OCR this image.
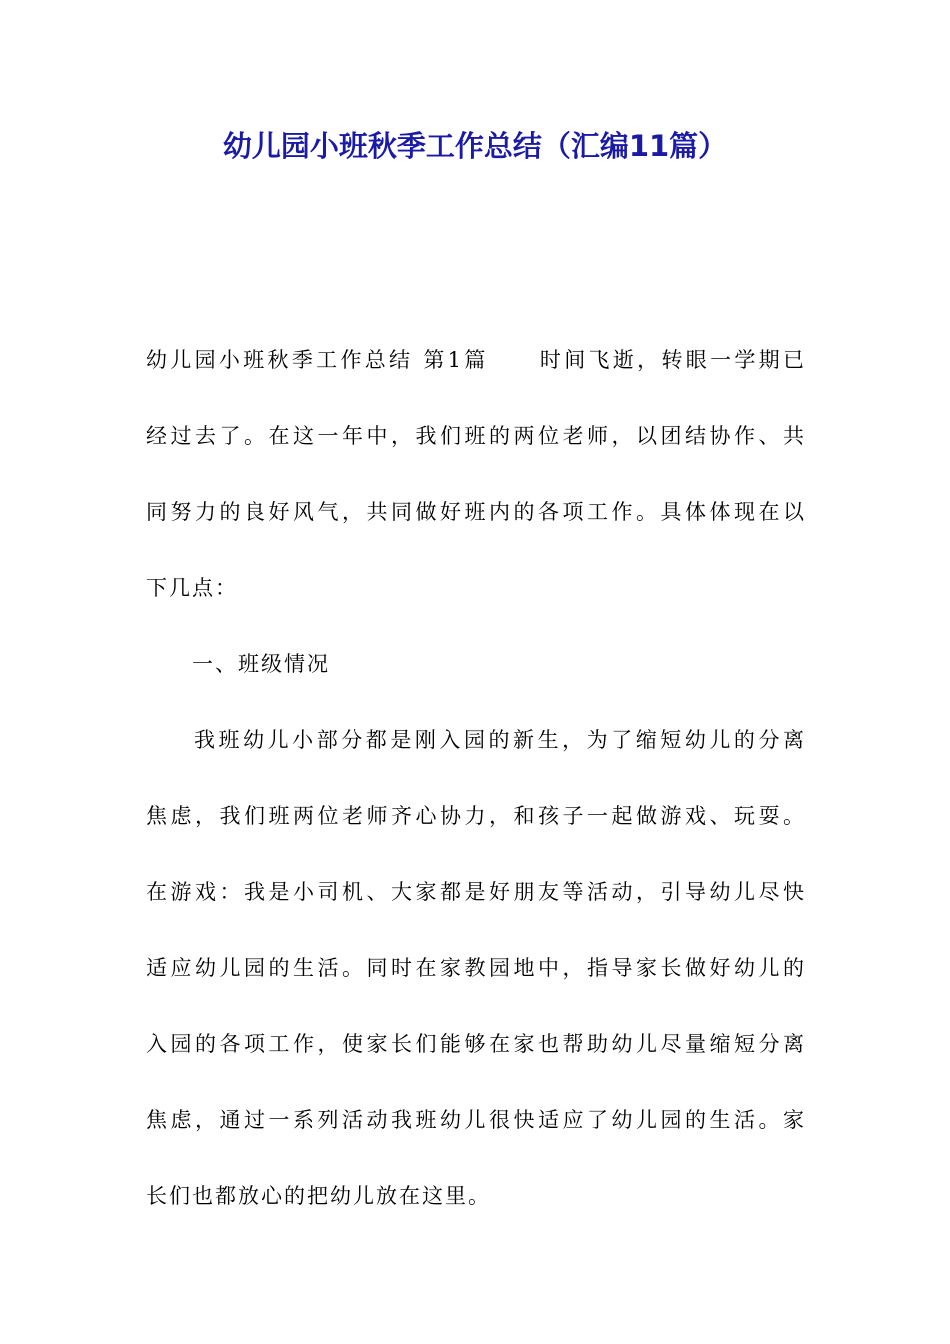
幼儿园小班秋季工作总结（汇编11篇）
幼儿园小班秋季工作总结 第1篇 时间飞逝，转眼一学期已
经过去了。在这一年中，我们班的两位老师，以团结协作、共
同努力的良好风气，共同做好班内的各项工作。具体体现在以
下几点：
一、班级情况
我班幼儿小部分都是刚入园的新生，为了缩短幼儿的分离
焦虑，我们班两位老师齐心协力，和孩子一起做游戏、玩耍。
在游戏：我是小司机、大家都是好朋友等活动，引导幼儿尽快
适应幼儿园的生活。同时在家教园地中，指导家长做好幼儿的
入园的各项工作，使家长们能够在家也帮助幼儿尽量缩短分离
焦虑，通过一系列活动我班幼儿很快适应了幼儿园的生活。家
长们也都放心的把幼儿放在这里。
